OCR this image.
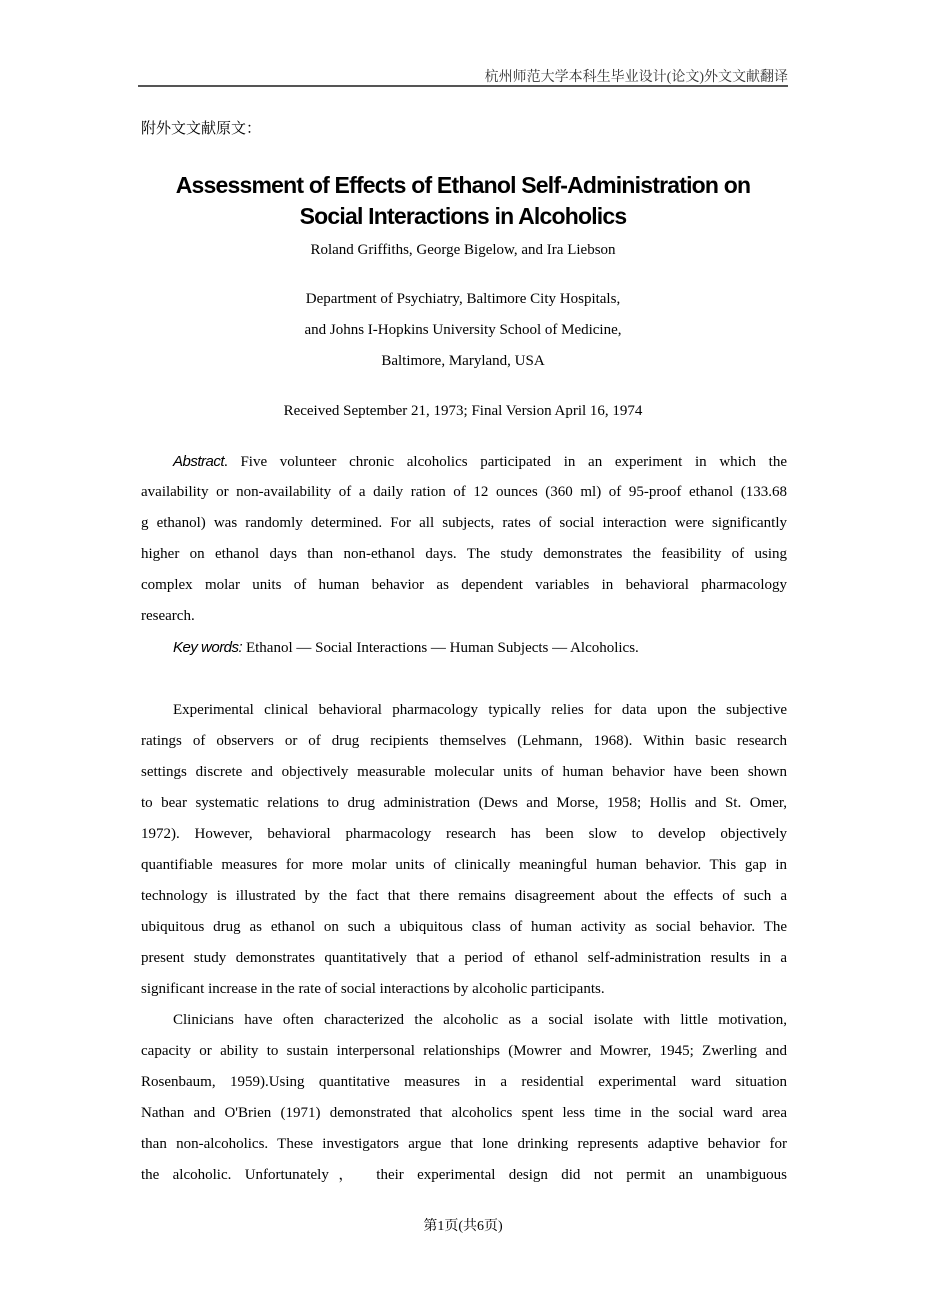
杭州师范大学本科生毕业设计(论文)外文文献翻译
附外文文献原文：
Assessment of Effects of Ethanol Self-Administration on
Social Interactions in Alcoholics
Roland Griffiths, George Bigelow, and Ira Liebson
Department of Psychiatry, Baltimore City Hospitals,
and Johns I-Hopkins University School of Medicine,
Baltimore, Maryland, USA
Received September 21, 1973; Final Version April 16, 1974
Abstract. Five volunteer chronic alcoholics participated in an experiment in which the
availability or non-availability of a daily ration of 12 ounces (360 ml) of 95-proof ethanol (133.68
g ethanol) was randomly determined. For all subjects, rates of social interaction were significantly
higher on ethanol days than non-ethanol days. The study demonstrates the feasibility of using
complex molar units of human behavior as dependent variables in behavioral pharmacology
research.
Key words: Ethanol — Social Interactions — Human Subjects — Alcoholics.
Experimental clinical behavioral pharmacology typically relies for data upon the subjective
ratings of observers or of drug recipients themselves (Lehmann, 1968). Within basic research
settings discrete and objectively measurable molecular units of human behavior have been shown
to bear systematic relations to drug administration (Dews and Morse, 1958; Hollis and St. Omer,
1972). However, behavioral pharmacology research has been slow to develop objectively
quantifiable measures for more molar units of clinically meaningful human behavior. This gap in
technology is illustrated by the fact that there remains disagreement about the effects of such a
ubiquitous drug as ethanol on such a ubiquitous class of human activity as social behavior. The
present study demonstrates quantitatively that a period of ethanol self-administration results in a
significant increase in the rate of social interactions by alcoholic participants.
Clinicians have often characterized the alcoholic as a social isolate with little motivation,
capacity or ability to sustain interpersonal relationships (Mowrer and Mowrer, 1945; Zwerling and
Rosenbaum, 1959).Using quantitative measures in a residential experimental ward situation
Nathan and O'Brien (1971) demonstrated that alcoholics spent less time in the social ward area
than non-alcoholics. These investigators argue that lone drinking represents adaptive behavior for
the alcoholic. Unfortunately， their experimental design did not permit an unambiguous
第1页(共6页)
